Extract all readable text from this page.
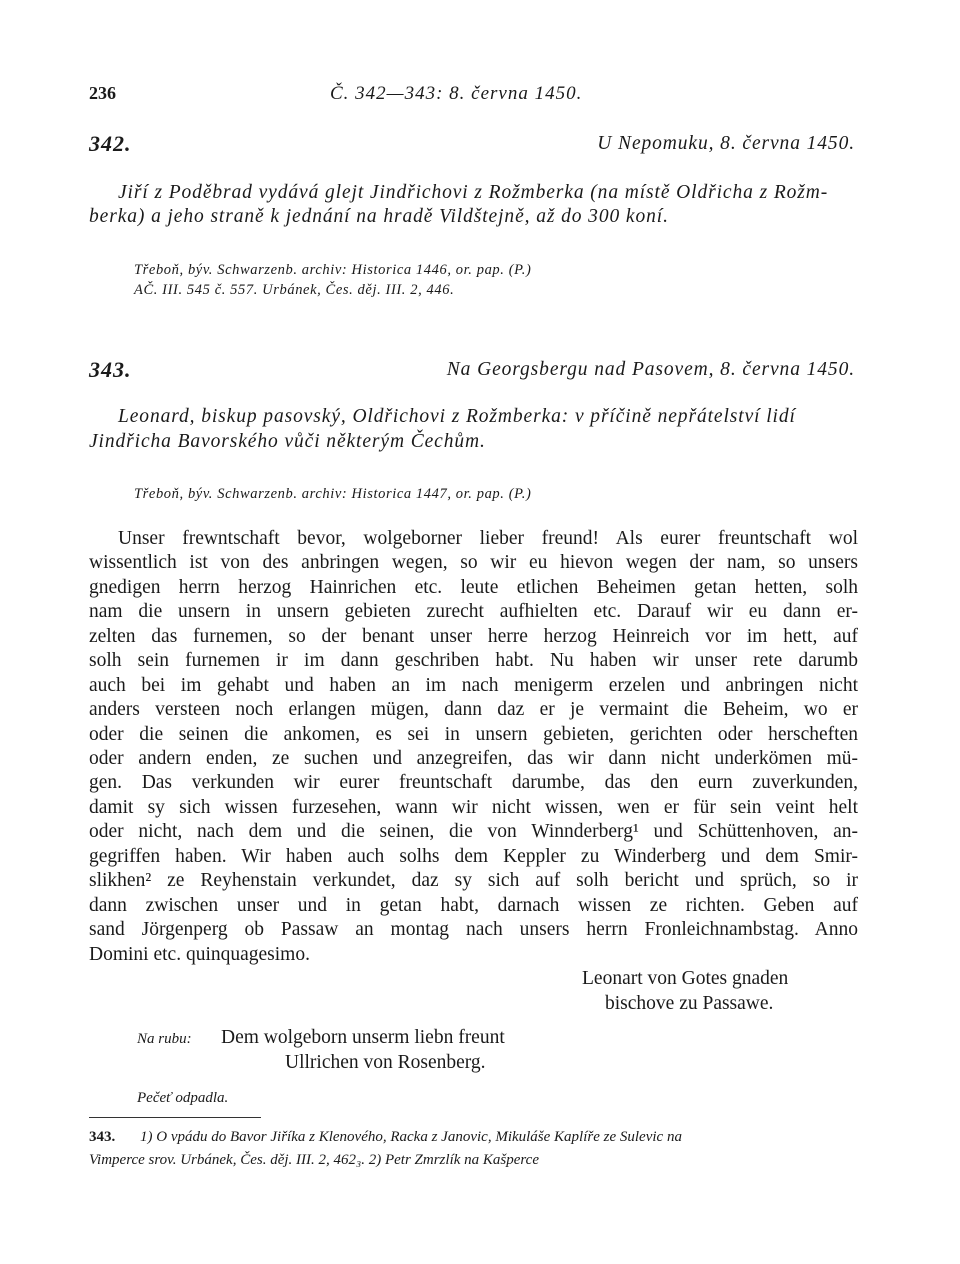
236	Č. 342—343: 8. června 1450.
342.	U Nepomuku, 8. června 1450.
Jiří z Poděbrad vydává glejt Jindřichovi z Rožmberka (na místě Oldřicha z Rožm-
berka) a jeho straně k jednání na hradě Vildštejně, až do 300 koní.
Třeboň, býv. Schwarzenb. archiv: Historica 1446, or. pap. (P.)
AČ. III. 545 č. 557. Urbánek, Čes. děj. III. 2, 446.
343.	Na Georgsbergu nad Pasovem, 8. června 1450.
Leonard, biskup pasovský, Oldřichovi z Rožmberka: v příčině nepřátelství lidí
Jindřicha Bavorského vůči některým Čechům.
Třeboň, býv. Schwarzenb. archiv: Historica 1447, or. pap. (P.)
Unser frewntschaft bevor, wolgeborner lieber freund! Als eurer freuntschaft wol
wissentlich ist von des anbringen wegen, so wir eu hievon wegen der nam, so unsers
gnedigen herrn herzog Hainrichen etc. leute etlichen Beheimen getan hetten, solh
nam die unsern in unsern gebieten zurecht aufhielten etc. Darauf wir eu dann er-
zelten das furnemen, so der benant unser herre herzog Heinreich vor im hett, auf
solh sein furnemen ir im dann geschriben habt. Nu haben wir unser rete darumb
auch bei im gehabt und haben an im nach menigerm erzelen und anbringen nicht
anders versteen noch erlangen mügen, dann daz er je vermaint die Beheim, wo er
oder die seinen die ankomen, es sei in unsern gebieten, gerichten oder herscheften
oder andern enden, ze suchen und anzegreifen, das wir dann nicht underkömen mü-
gen. Das verkunden wir eurer freuntschaft darumbe, das den eurn zuverkunden,
damit sy sich wissen furzesehen, wann wir nicht wissen, wen er für sein veint helt
oder nicht, nach dem und die seinen, die von Winnderberg¹ und Schüttenhoven, an-
gegriffen haben. Wir haben auch solhs dem Keppler zu Winderberg und dem Smir-
slikhen² ze Reyhenstain verkundet, daz sy sich auf solh bericht und sprüch, so ir
dann zwischen unser und in getan habt, darnach wissen ze richten. Geben auf
sand Jörgenperg ob Passaw an montag nach unsers herrn Fronleichnambstag. Anno
Domini etc. quinquagesimo.
Leonart von Gotes gnaden
bischove zu Passawe.
Na rubu: Dem wolgeborn unserm liebn freunt
Ullrichen von Rosenberg.
Pečeť odpadla.
343. 1) O vpádu do Bavor Jiříka z Klenového, Racka z Janovic, Mikuláše Kaplíře ze Sulevic na
Vimperce srov. Urbánek, Čes. děj. III. 2, 462₃. 2) Petr Zmrzlík na Kašperce
